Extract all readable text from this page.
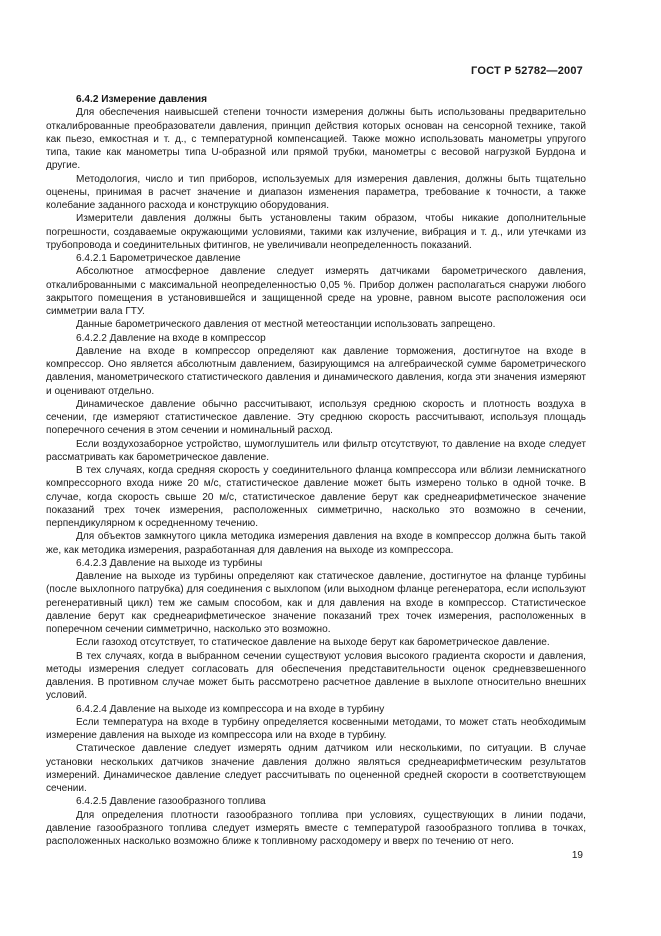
ГОСТ Р 52782—2007

6.4.2 Измерение давления

Для обеспечения наивысшей степени точности измерения должны быть использованы предварительно откалиброванные преобразователи давления, принцип действия которых основан на сенсорной технике, такой как пьезо, емкостная и т. д., с температурной компенсацией. Также можно использовать манометры упругого типа, такие как манометры типа U-образной или прямой трубки, манометры с весовой нагрузкой Бурдона и другие.

Методология, число и тип приборов, используемых для измерения давления, должны быть тщательно оценены, принимая в расчет значение и диапазон изменения параметра, требование к точности, а также колебание заданного расхода и конструкцию оборудования.

Измерители давления должны быть установлены таким образом, чтобы никакие дополнительные погрешности, создаваемые окружающими условиями, такими как излучение, вибрация и т. д., или утечками из трубопровода и соединительных фитингов, не увеличивали неопределенность показаний.

6.4.2.1 Барометрическое давление

Абсолютное атмосферное давление следует измерять датчиками барометрического давления, откалиброванными с максимальной неопределенностью 0,05 %. Прибор должен располагаться снаружи любого закрытого помещения в установившейся и защищенной среде на уровне, равном высоте расположения оси симметрии вала ГТУ.

Данные барометрического давления от местной метеостанции использовать запрещено.

6.4.2.2 Давление на входе в компрессор

Давление на входе в компрессор определяют как давление торможения, достигнутое на входе в компрессор. Оно является абсолютным давлением, базирующимся на алгебраической сумме барометрического давления, манометрического статистического давления и динамического давления, когда эти значения измеряют и оценивают отдельно.

Динамическое давление обычно рассчитывают, используя среднюю скорость и плотность воздуха в сечении, где измеряют статистическое давление. Эту среднюю скорость рассчитывают, используя площадь поперечного сечения в этом сечении и номинальный расход.

Если воздухозаборное устройство, шумоглушитель или фильтр отсутствуют, то давление на входе следует рассматривать как барометрическое давление.

В тех случаях, когда средняя скорость у соединительного фланца компрессора или вблизи лемнискатного компрессорного входа ниже 20 м/с, статистическое давление может быть измерено только в одной точке. В случае, когда скорость свыше 20 м/с, статистическое давление берут как среднеарифметическое значение показаний трех точек измерения, расположенных симметрично, насколько это возможно в сечении, перпендикулярном к осредненному течению.

Для объектов замкнутого цикла методика измерения давления на входе в компрессор должна быть такой же, как методика измерения, разработанная для давления на выходе из компрессора.

6.4.2.3 Давление на выходе из турбины

Давление на выходе из турбины определяют как статическое давление, достигнутое на фланце турбины (после выхлопного патрубка) для соединения с выхлопом (или выходном фланце регенератора, если используют регенеративный цикл) тем же самым способом, как и для давления на входе в компрессор. Статистическое давление берут как среднеарифметическое значение показаний трех точек измерения, расположенных в поперечном сечении симметрично, насколько это возможно.

Если газоход отсутствует, то статическое давление на выходе берут как барометрическое давление.

В тех случаях, когда в выбранном сечении существуют условия высокого градиента скорости и давления, методы измерения следует согласовать для обеспечения представительности оценок средневзвешенного давления. В противном случае может быть рассмотрено расчетное давление в выхлопе относительно внешних условий.

6.4.2.4 Давление на выходе из компрессора и на входе в турбину

Если температура на входе в турбину определяется косвенными методами, то может стать необходимым измерение давления на выходе из компрессора или на входе в турбину.

Статическое давление следует измерять одним датчиком или несколькими, по ситуации. В случае установки нескольких датчиков значение давления должно являться среднеарифметическим результатов измерений. Динамическое давление следует рассчитывать по оцененной средней скорости в соответствующем сечении.

6.4.2.5 Давление газообразного топлива

Для определения плотности газообразного топлива при условиях, существующих в линии подачи, давление газообразного топлива следует измерять вместе с температурой газообразного топлива в точках, расположенных насколько возможно ближе к топливному расходомеру и вверх по течению от него.

19
